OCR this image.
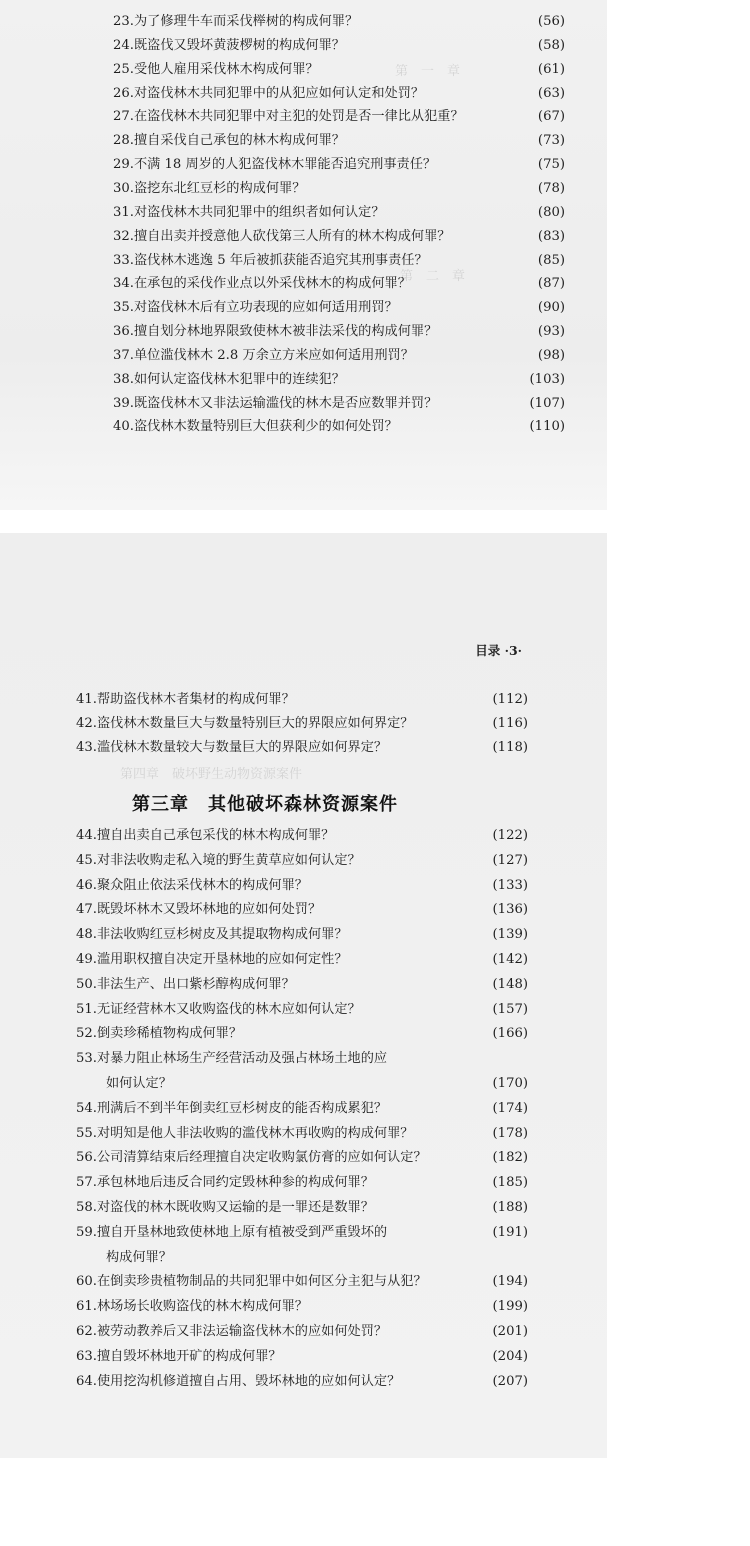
第　一　章
第　二　章
23.为了修理牛车而采伐榉树的构成何罪？	(56)
24.既盗伐又毁坏黄菠椤树的构成何罪？	(58)
25.受他人雇用采伐林木构成何罪？	(61)
26.对盗伐林木共同犯罪中的从犯应如何认定和处罚？	(63)
27.在盗伐林木共同犯罪中对主犯的处罚是否一律比从犯重？	(67)
28.擅自采伐自己承包的林木构成何罪？	(73)
29.不满 18 周岁的人犯盗伐林木罪能否追究刑事责任？	(75)
30.盗挖东北红豆杉的构成何罪？	(78)
31.对盗伐林木共同犯罪中的组织者如何认定？	(80)
32.擅自出卖并授意他人砍伐第三人所有的林木构成何罪？	(83)
33.盗伐林木逃逸 5 年后被抓获能否追究其刑事责任？	(85)
34.在承包的采伐作业点以外采伐林木的构成何罪？	(87)
35.对盗伐林木后有立功表现的应如何适用刑罚？	(90)
36.擅自划分林地界限致使林木被非法采伐的构成何罪？	(93)
37.单位滥伐林木 2.8 万余立方米应如何适用刑罚？	(98)
38.如何认定盗伐林木犯罪中的连续犯？	(103)
39.既盗伐林木又非法运输滥伐的林木是否应数罪并罚？	(107)
40.盗伐林木数量特别巨大但获利少的如何处罚？	(110)
第四章　破坏野生动物资源案件
目录 ·3·
第三章　其他破坏森林资源案件
41.帮助盗伐林木者集材的构成何罪？	(112)
42.盗伐林木数量巨大与数量特别巨大的界限应如何界定？	(116)
43.滥伐林木数量较大与数量巨大的界限应如何界定？	(118)
44.擅自出卖自己承包采伐的林木构成何罪？	(122)
45.对非法收购走私入境的野生黄草应如何认定？	(127)
46.聚众阻止依法采伐林木的构成何罪？	(133)
47.既毁坏林木又毁坏林地的应如何处罚？	(136)
48.非法收购红豆杉树皮及其提取物构成何罪？	(139)
49.滥用职权擅自决定开垦林地的应如何定性？	(142)
50.非法生产、出口紫杉醇构成何罪？	(148)
51.无证经营林木又收购盗伐的林木应如何认定？	(157)
52.倒卖珍稀植物构成何罪？	(166)
53.对暴力阻止林场生产经营活动及强占林场土地的应
如何认定？	(170)
54.刑满后不到半年倒卖红豆杉树皮的能否构成累犯？	(174)
55.对明知是他人非法收购的滥伐林木再收购的构成何罪？	(178)
56.公司清算结束后经理擅自决定收购氯仿膏的应如何认定？	(182)
57.承包林地后违反合同约定毁林种参的构成何罪？	(185)
58.对盗伐的林木既收购又运输的是一罪还是数罪？	(188)
59.擅自开垦林地致使林地上原有植被受到严重毁坏的	(191)
构成何罪？
60.在倒卖珍贵植物制品的共同犯罪中如何区分主犯与从犯？	(194)
61.林场场长收购盗伐的林木构成何罪？	(199)
62.被劳动教养后又非法运输盗伐林木的应如何处罚？	(201)
63.擅自毁坏林地开矿的构成何罪？	(204)
64.使用挖沟机修道擅自占用、毁坏林地的应如何认定？	(207)
